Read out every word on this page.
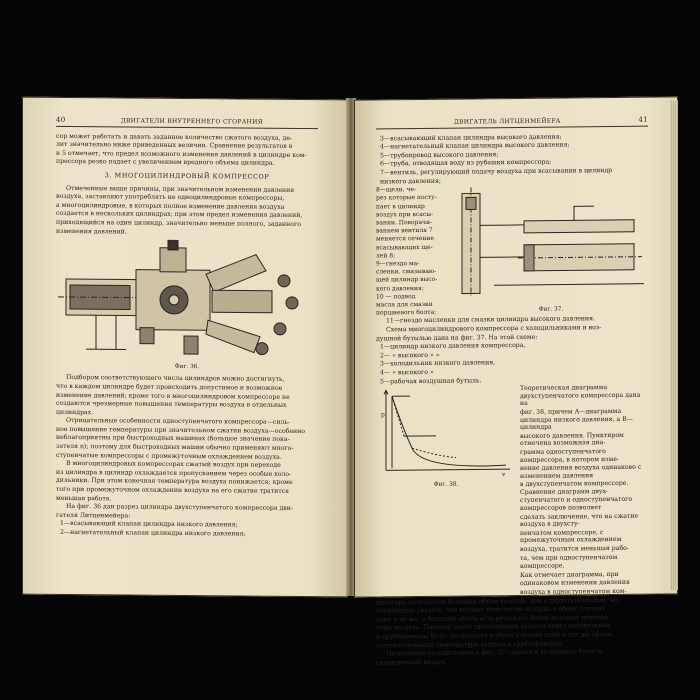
40	ДВИГАТЕЛИ ВНУТРЕННЕГО СГОРАНИЯ

сор может работать и давать заданное количество сжатого воздуха, де-

лит значительно ниже приведенных величин. Сравнение результатов в

и 5 отмечает, что предел возможного изменения давлений в цилиндре ком-

прессора резко падает с увеличением вредного объема цилиндра.

3. МНОГОЦИЛИНДРОВЫЙ КОМПРЕССОР

Отмеченные выше причины, при значительном изменении давления

воздуха, заставляют употреблять не одноцилиндровые компрессоры,

а многоцилиндровые, в которых полное изменение давления воздуха

создается в нескольких цилиндрах; при этом предел изменения давлений,

приходящийся на один цилиндр, значительно меньше полного, заданного

изменения давлений.

Фиг. 36.

Подбором соответствующего числа цилиндров можно достигнуть,

что в каждом цилиндре будет происходить допустимое и возможное

изменение давлений; кроме того в многоцилиндровом компрессоре не

создаются чрезмерные повышения температуры воздуха в отдельных

цилиндрах.

Отрицательные особенности одноступенчатого компрессора—силь-

ное повышение температуры при значительном сжатии воздуха—особенно

неблагоприятны при быстроходных машинах (большое значение пока-

зателя n); поэтому для быстроходных машин обычно применяют много-

ступенчатые компрессоры с промежуточным охлаждением воздуха.

В многоцилиндровых компрессорах сжатый воздух при переходе

из цилиндра в цилиндр охлаждается пропусканием через особые холо-

дильники. При этом конечная температура воздуха понижается; кроме

того при промежуточном охлаждении воздуха на его сжатие тратится

меньшая работа.

На фиг. 36 дан разрез цилиндра двухступенчатого компрессора дви-

гателя Литценмейера:

1—всасывающий клапан цилиндра низкого давления;

2—нагнетательный клапан цилиндра низкого давления;

ДВИГАТЕЛЬ ЛИТЦЕНМЕЙЕРА	41

3—всасывающий клапан цилиндра высокого давления;

4—нагнетательный клапан цилиндра высокого давления;

5—трубопровод высокого давления;

6—труба, отводящая воду из рубашки компрессора;

7—вентиль, регулирующий подачу воздуха при всасывании в цилиндр

низкого давления;

8—щели, че-

рез которые посту-

пает в цилиндр

воздух при всасы-

вании. Поворачи-

ванием вентиля 7

меняется сечение

всасывающих ще-

лей 8;

9—гнездо ма-

сленки, смазываю-

щей цилиндр высо-

кого давления;

10 — подвод

масла для смазки

поршневого болта;	Фиг. 37.

11—гнездо масленки для смазки цилиндра высокого давления.

Схема многоцилиндрового компрессора с холодильниками и воз-

душной бутылью дана на фиг. 37. На этой схеме:

1—цилиндр низкого давления компрессора,

2— » высокого » »

3—холодильник низкого давления,

4— » высокого »

5—рабочая воздушная бутыль.

p
v
Фиг. 38.

Теоретическая диаграмма двухступенчатого компрессора дана на

фиг. 38, причем A—диаграмма цилиндра низкого давления, а B—цилиндра

высокого давления. Пунктиром отмечена возможная диа-

грамма одноступенчатого компрессора, в котором изме-

нение давления воздуха одинаково с изменением давления

в двухступенчатом компрессоре. Сравнение диаграмм двух-

ступенчатого и одноступенчатого компрессоров позволяет

сделать заключение, что на сжатие воздуха в двухсту-

пенчатом компрессоре, с промежуточным охлаждением

воздуха, тратится меньшая рабо-

та, чем при одноступенчатом

компрессоре.

Как отмечает диаграмма, при

одинаковом изменении давления

воздуха в одноступенчатом ком-

прессоре получается больший объем воздуха, чем в двухступенчатом; но

необходимо указать, что весовое количество воздуха в обоих случаях

одно и то же, а больший объем есть результат более высокой темпера-

туры воздуха. Поэтому после прохождения воздуха через холодильник

и трубопроводы будет получаться в обоих случаях один и тот же объем,

соответствующий температуре воздуха в трубопроводах.

Назначение холодильника в фиг. 37—давать в воздушные бутыли

охлажденный воздух.
